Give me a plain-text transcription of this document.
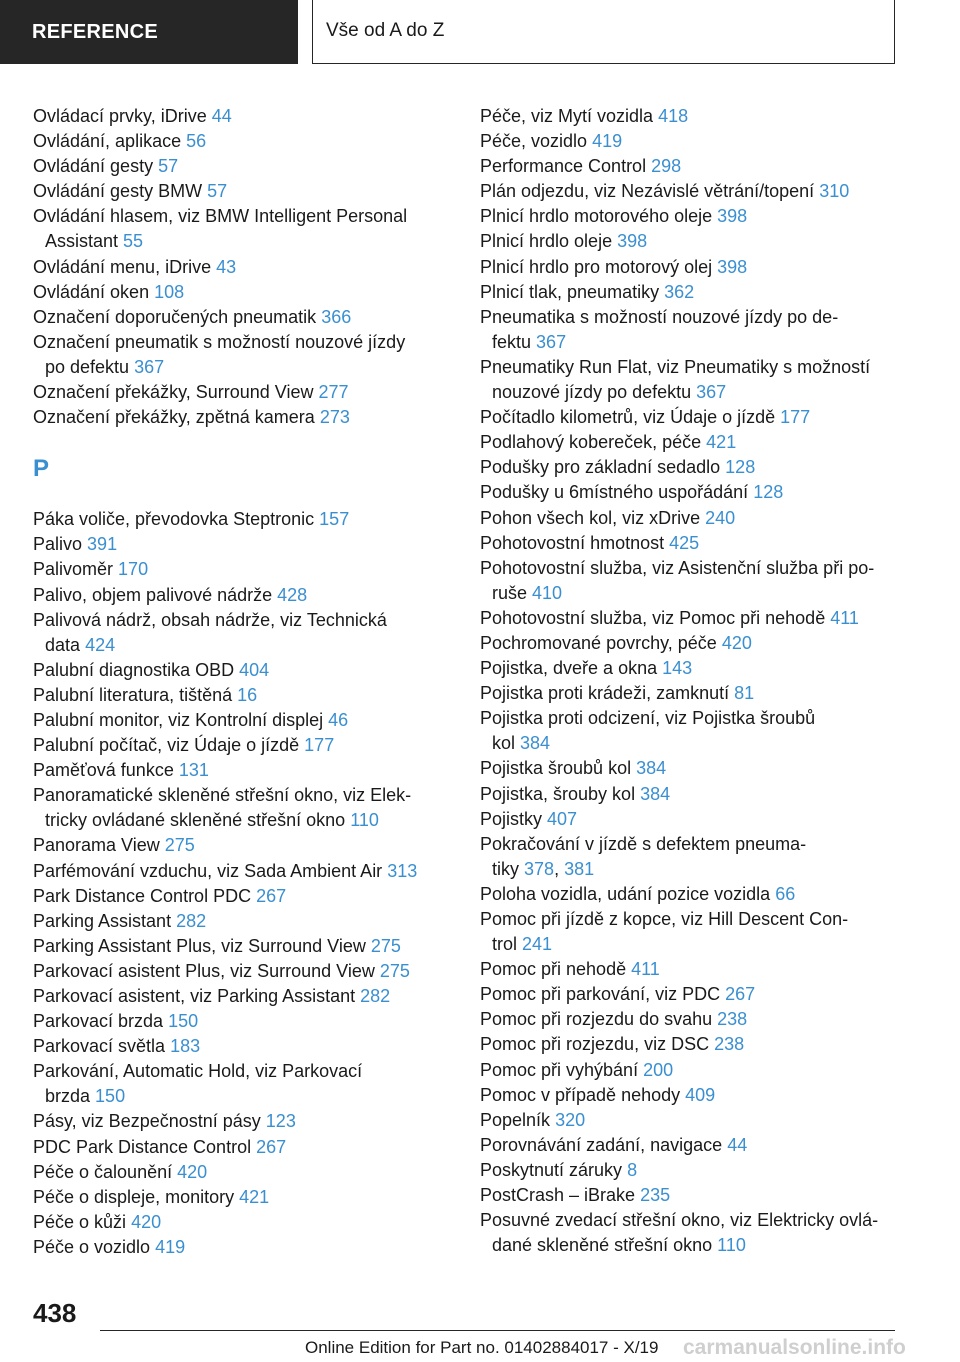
REFERENCE	Vše od A do Z
Ovládací prvky, iDrive 44
Ovládání, aplikace 56
Ovládání gesty 57
Ovládání gesty BMW 57
Ovládání hlasem, viz BMW Intelligent Personal
Assistant 55
Ovládání menu, iDrive 43
Ovládání oken 108
Označení doporučených pneumatik 366
Označení pneumatik s možností nouzové jízdy
po defektu 367
Označení překážky, Surround View 277
Označení překážky, zpětná kamera 273
P
Páka voliče, převodovka Steptronic 157
Palivo 391
Palivoměr 170
Palivo, objem palivové nádrže 428
Palivová nádrž, obsah nádrže, viz Technická
data 424
Palubní diagnostika OBD 404
Palubní literatura, tištěná 16
Palubní monitor, viz Kontrolní displej 46
Palubní počítač, viz Údaje o jízdě 177
Paměťová funkce 131
Panoramatické skleněné střešní okno, viz Elek-
tricky ovládané skleněné střešní okno 110
Panorama View 275
Parfémování vzduchu, viz Sada Ambient Air 313
Park Distance Control PDC 267
Parking Assistant 282
Parking Assistant Plus, viz Surround View 275
Parkovací asistent Plus, viz Surround View 275
Parkovací asistent, viz Parking Assistant 282
Parkovací brzda 150
Parkovací světla 183
Parkování, Automatic Hold, viz Parkovací
brzda 150
Pásy, viz Bezpečnostní pásy 123
PDC Park Distance Control 267
Péče o čalounění 420
Péče o displeje, monitory 421
Péče o kůži 420
Péče o vozidlo 419
Péče, viz Mytí vozidla 418
Péče, vozidlo 419
Performance Control 298
Plán odjezdu, viz Nezávislé větrání/topení 310
Plnicí hrdlo motorového oleje 398
Plnicí hrdlo oleje 398
Plnicí hrdlo pro motorový olej 398
Plnicí tlak, pneumatiky 362
Pneumatika s možností nouzové jízdy po de-
fektu 367
Pneumatiky Run Flat, viz Pneumatiky s možností
nouzové jízdy po defektu 367
Počítadlo kilometrů, viz Údaje o jízdě 177
Podlahový kobereček, péče 421
Podušky pro základní sedadlo 128
Podušky u 6místného uspořádání 128
Pohon všech kol, viz xDrive 240
Pohotovostní hmotnost 425
Pohotovostní služba, viz Asistenční služba při po-
ruše 410
Pohotovostní služba, viz Pomoc při nehodě 411
Pochromované povrchy, péče 420
Pojistka, dveře a okna 143
Pojistka proti krádeži, zamknutí 81
Pojistka proti odcizení, viz Pojistka šroubů
kol 384
Pojistka šroubů kol 384
Pojistka, šrouby kol 384
Pojistky 407
Pokračování v jízdě s defektem pneuma-
tiky 378, 381
Poloha vozidla, udání pozice vozidla 66
Pomoc při jízdě z kopce, viz Hill Descent Con-
trol 241
Pomoc při nehodě 411
Pomoc při parkování, viz PDC 267
Pomoc při rozjezdu do svahu 238
Pomoc při rozjezdu, viz DSC 238
Pomoc při vyhýbání 200
Pomoc v případě nehody 409
Popelník 320
Porovnávání zadání, navigace 44
Poskytnutí záruky 8
PostCrash – iBrake 235
Posuvné zvedací střešní okno, viz Elektricky ovlá-
dané skleněné střešní okno 110
438
Online Edition for Part no. 01402884017 - X/19 carmanualsonline.info
